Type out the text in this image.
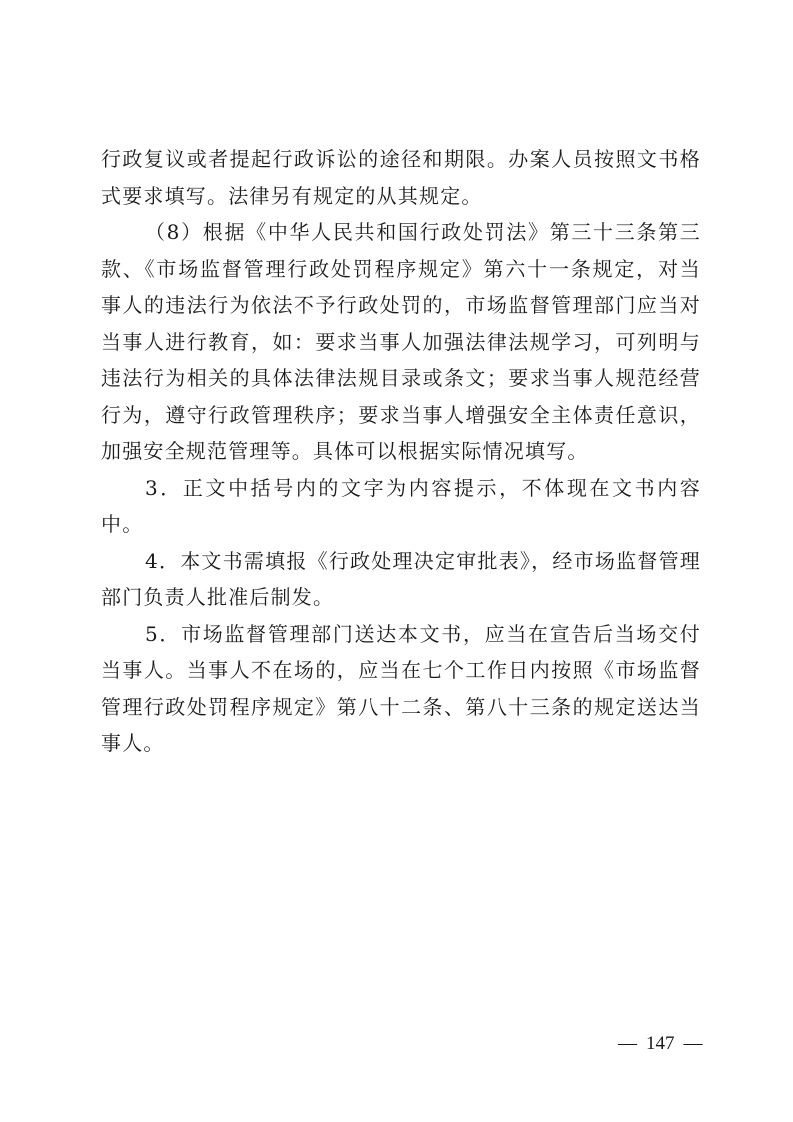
行政复议或者提起行政诉讼的途径和期限。办案人员按照文书格式要求填写。法律另有规定的从其规定。

（8）根据《中华人民共和国行政处罚法》第三十三条第三款、《市场监督管理行政处罚程序规定》第六十一条规定，对当事人的违法行为依法不予行政处罚的，市场监督管理部门应当对当事人进行教育，如：要求当事人加强法律法规学习，可列明与违法行为相关的具体法律法规目录或条文；要求当事人规范经营行为，遵守行政管理秩序；要求当事人增强安全主体责任意识，加强安全规范管理等。具体可以根据实际情况填写。

3．正文中括号内的文字为内容提示，不体现在文书内容中。

4．本文书需填报《行政处理决定审批表》，经市场监督管理部门负责人批准后制发。

5．市场监督管理部门送达本文书，应当在宣告后当场交付当事人。当事人不在场的，应当在七个工作日内按照《市场监督管理行政处罚程序规定》第八十二条、第八十三条的规定送达当事人。

— 147 —
